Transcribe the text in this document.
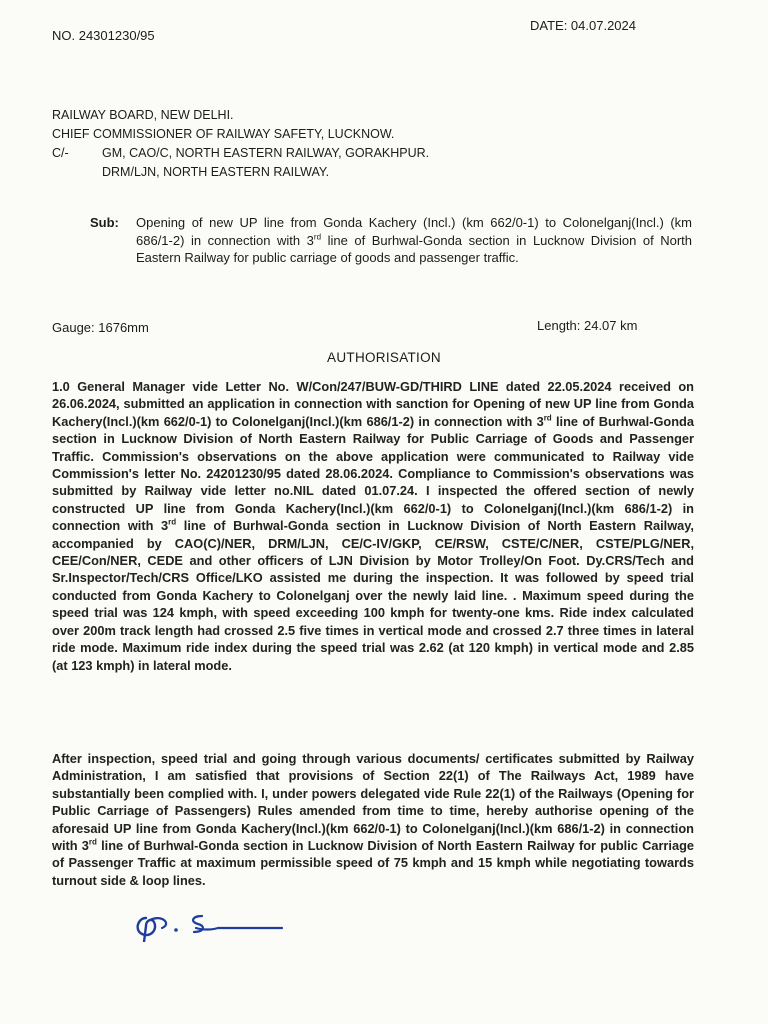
NO. 24301230/95
DATE: 04.07.2024
RAILWAY BOARD, NEW DELHI.
CHIEF COMMISSIONER OF RAILWAY SAFETY, LUCKNOW.
C/-	GM, CAO/C, NORTH EASTERN RAILWAY, GORAKHPUR.
DRM/LJN, NORTH EASTERN RAILWAY.
Sub:	Opening of new UP line from Gonda Kachery (Incl.) (km 662/0-1) to Colonelganj(Incl.) (km 686/1-2) in connection with 3rd line of Burhwal-Gonda section in Lucknow Division of North Eastern Railway for public carriage of goods and passenger traffic.
Gauge: 1676mm	Length: 24.07 km
AUTHORISATION
1.0 General Manager vide Letter No. W/Con/247/BUW-GD/THIRD LINE dated 22.05.2024 received on 26.06.2024, submitted an application in connection with sanction for Opening of new UP line from Gonda Kachery(Incl.)(km 662/0-1) to Colonelganj(Incl.)(km 686/1-2) in connection with 3rd line of Burhwal-Gonda section in Lucknow Division of North Eastern Railway for Public Carriage of Goods and Passenger Traffic. Commission's observations on the above application were communicated to Railway vide Commission's letter No. 24201230/95 dated 28.06.2024. Compliance to Commission's observations was submitted by Railway vide letter no.NIL dated 01.07.24. I inspected the offered section of newly constructed UP line from Gonda Kachery(Incl.)(km 662/0-1) to Colonelganj(Incl.)(km 686/1-2) in connection with 3rd line of Burhwal-Gonda section in Lucknow Division of North Eastern Railway, accompanied by CAO(C)/NER, DRM/LJN, CE/C-IV/GKP, CE/RSW, CSTE/C/NER, CSTE/PLG/NER, CEE/Con/NER, CEDE and other officers of LJN Division by Motor Trolley/On Foot. Dy.CRS/Tech and Sr.Inspector/Tech/CRS Office/LKO assisted me during the inspection. It was followed by speed trial conducted from Gonda Kachery to Colonelganj over the newly laid line. . Maximum speed during the speed trial was 124 kmph, with speed exceeding 100 kmph for twenty-one kms. Ride index calculated over 200m track length had crossed 2.5 five times in vertical mode and crossed 2.7 three times in lateral ride mode. Maximum ride index during the speed trial was 2.62 (at 120 kmph) in vertical mode and 2.85 (at 123 kmph) in lateral mode.
After inspection, speed trial and going through various documents/ certificates submitted by Railway Administration, I am satisfied that provisions of Section 22(1) of The Railways Act, 1989 have substantially been complied with. I, under powers delegated vide Rule 22(1) of the Railways (Opening for Public Carriage of Passengers) Rules amended from time to time, hereby authorise opening of the aforesaid UP line from Gonda Kachery(Incl.)(km 662/0-1) to Colonelganj(Incl.)(km 686/1-2) in connection with 3rd line of Burhwal-Gonda section in Lucknow Division of North Eastern Railway for public Carriage of Passenger Traffic at maximum permissible speed of 75 kmph and 15 kmph while negotiating towards turnout side & loop lines.
